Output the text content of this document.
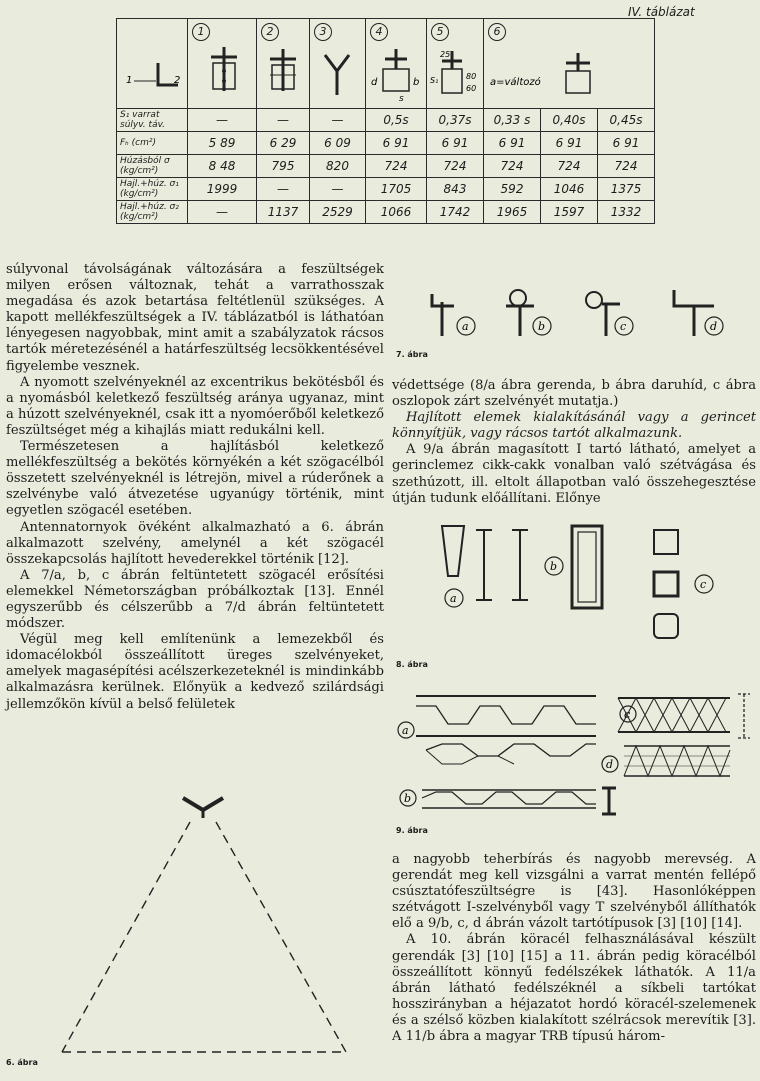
IV. táblázat
1 2	1	2	3	4
d b
s	5
25
S₁ 80
60	6
a=változó		

S₁ varrat súlyv. táv.	—	—	—	0,5s	0,37s	0,33 s	0,40s	0,45s
Fₕ (cm²)	5 89	6 29	6 09	6 91	6 91	6 91	6 91	6 91
Húzásból σ (kg/cm²)	8 48	795	820	724	724	724	724	724
Hajl.+húz. σ₁ (kg/cm²)	1999	—	—	1705	843	592	1046	1375
Hajl.+húz. σ₂ (kg/cm²)	—	1137	2529	1066	1742	1965	1597	1332

súlyvonal távolságának változására a feszültségek milyen erősen változnak, tehát a varrathosszak megadása és azok betartása feltétlenül szükséges. A kapott mellékfeszültségek a IV. táblázatból is láthatóan lényegesen nagyobbak, mint amit a szabályzatok rácsos tartók méretezésénél a határfeszültség lecsökkentésével figyelembe vesznek.

A nyomott szelvényeknél az excentrikus bekötésből és a nyomásból keletkező feszültség aránya ugyanaz, mint a húzott szelvényeknél, csak itt a nyomóerőből keletkező feszültséget még a kihajlás miatt redukálni kell.

Természetesen a hajlításból keletkező mellékfeszültség a bekötés környékén a két szögacélból összetett szelvényeknél is létrejön, mivel a rúderőnek a szelvénybe való átvezetése ugyanúgy történik, mint egyetlen szögacél esetében.

Antennatornyok övéként alkalmazható a 6. ábrán alkalmazott szelvény, amelynél a két szögacél összekapcsolás hajlított hevederekkel történik [12].

A 7/a, b, c ábrán feltüntetett szögacél erősítési elemekkel Németországban próbálkoztak [13]. Ennél egyszerűbb és célszerűbb a 7/d ábrán feltüntetett módszer.

Végül meg kell említenünk a lemezekből és idomacélokból összeállított üreges szelvényeket, amelyek magasépítési acélszerkezeteknél is mindinkább alkalmazásra kerülnek. Előnyük a kedvező szilárdsági jellemzőkön kívül a belső felületek

6. ábra
a	b	c	d
7. ábra

védettsége (8/a ábra gerenda, b ábra daruhíd, c ábra oszlopok zárt szelvényét mutatja.)

Hajlított elemek kialakításánál vagy a gerincet könnyítjük, vagy rácsos tartót alkalmazunk.

A 9/a ábrán magasított I tartó látható, amelyet a gerinclemez cikk-cakk vonalban való szétvágása és szethúzott, ill. eltolt állapotban való összehegesztése útján tudunk előállítani. Előnye

a
b
c
8. ábra
a
b
c
d
9. ábra

a nagyobb teherbírás és nagyobb merevség. A gerendát meg kell vizsgálni a varrat mentén fellépő csúsztatófeszültségre is [43]. Hasonlóképpen szétvágott I-szelvényből vagy T szelvényből állíthatók elő a 9/b, c, d ábrán vázolt tartótípusok [3] [10] [14].

A 10. ábrán köracél felhasználásával készült gerendák [3] [10] [15] a 11. ábrán pedig köracélból összeállított könnyű fedélszékek láthatók. A 11/a ábrán látható fedélszéknél a síkbeli tartókat hosszirányban a héjazatot hordó köracél-szelemenek és a szélső közben kialakított szélrácsok merevítik [3]. A 11/b ábra a magyar TRB típusú három-
